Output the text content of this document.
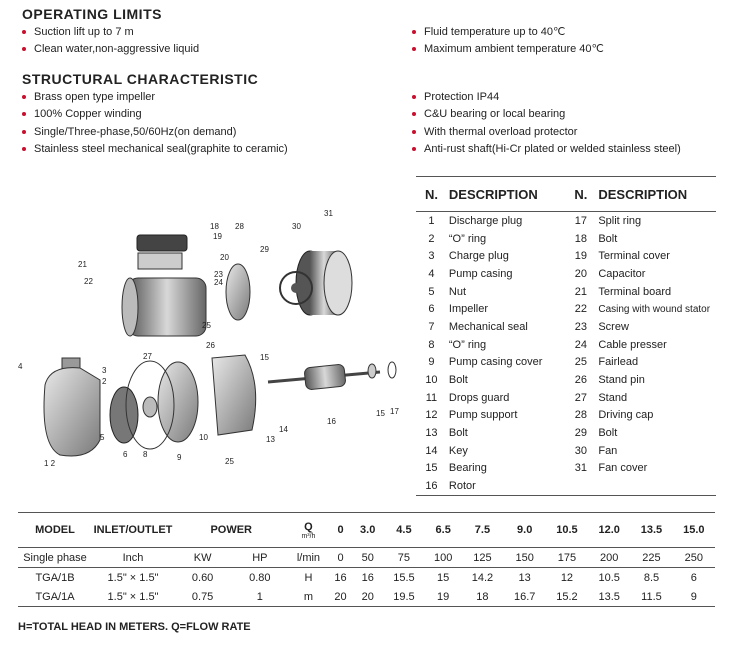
OPERATING LIMITS
Suction lift up to 7 m
Clean water,non-aggressive liquid
Fluid temperature up to 40℃
Maximum ambient temperature 40℃
STRUCTURAL CHARACTERISTIC
Brass open type impeller
100% Copper winding
Single/Three-phase,50/60Hz(on demand)
Stainless steel mechanical seal(graphite to ceramic)
Protection IP44
C&U bearing or local bearing
With thermal overload protector
Anti-rust shaft(Hi-Cr plated or welded stainless steel)
18
19
20
21
22
23
24
25
26
27
28
29
30
31
4	3
2
5
6 8	9
10
25
15
14
13
16
15 17
1 2
N.	DESCRIPTION	N.	DESCRIPTION
1	Discharge plug	17	Split ring
2	“O” ring	18	Bolt
3	Charge plug	19	Terminal cover
4	Pump casing	20	Capacitor
5	Nut	21	Terminal board
6	Impeller	22	Casing with wound stator
7	Mechanical seal	23	Screw
8	“O” ring	24	Cable presser
9	Pump casing cover	25	Fairlead
10	Bolt	26	Stand pin
11	Drops guard	27	Stand
12	Pump support	28	Driving cap
13	Bolt	29	Bolt
14	Key	30	Fan
15	Bearing	31	Fan cover
16	Rotor		
MODEL	INLET/OUTLET	POWER		Q
m³/h	0	3.0	4.5	6.5	7.5	9.0	10.5	12.0	13.5	15.0
Single phase	Inch	KW	HP	l/min	0	50	75	100	125	150	175	200	225	250
TGA/1B	1.5" × 1.5"	0.60	0.80	H	16	16	15.5	15	14.2	13	12	10.5	8.5	6
TGA/1A	1.5" × 1.5"	0.75	1	m	20	20	19.5	19	18	16.7	15.2	13.5	11.5	9
H=TOTAL HEAD IN METERS. Q=FLOW RATE
